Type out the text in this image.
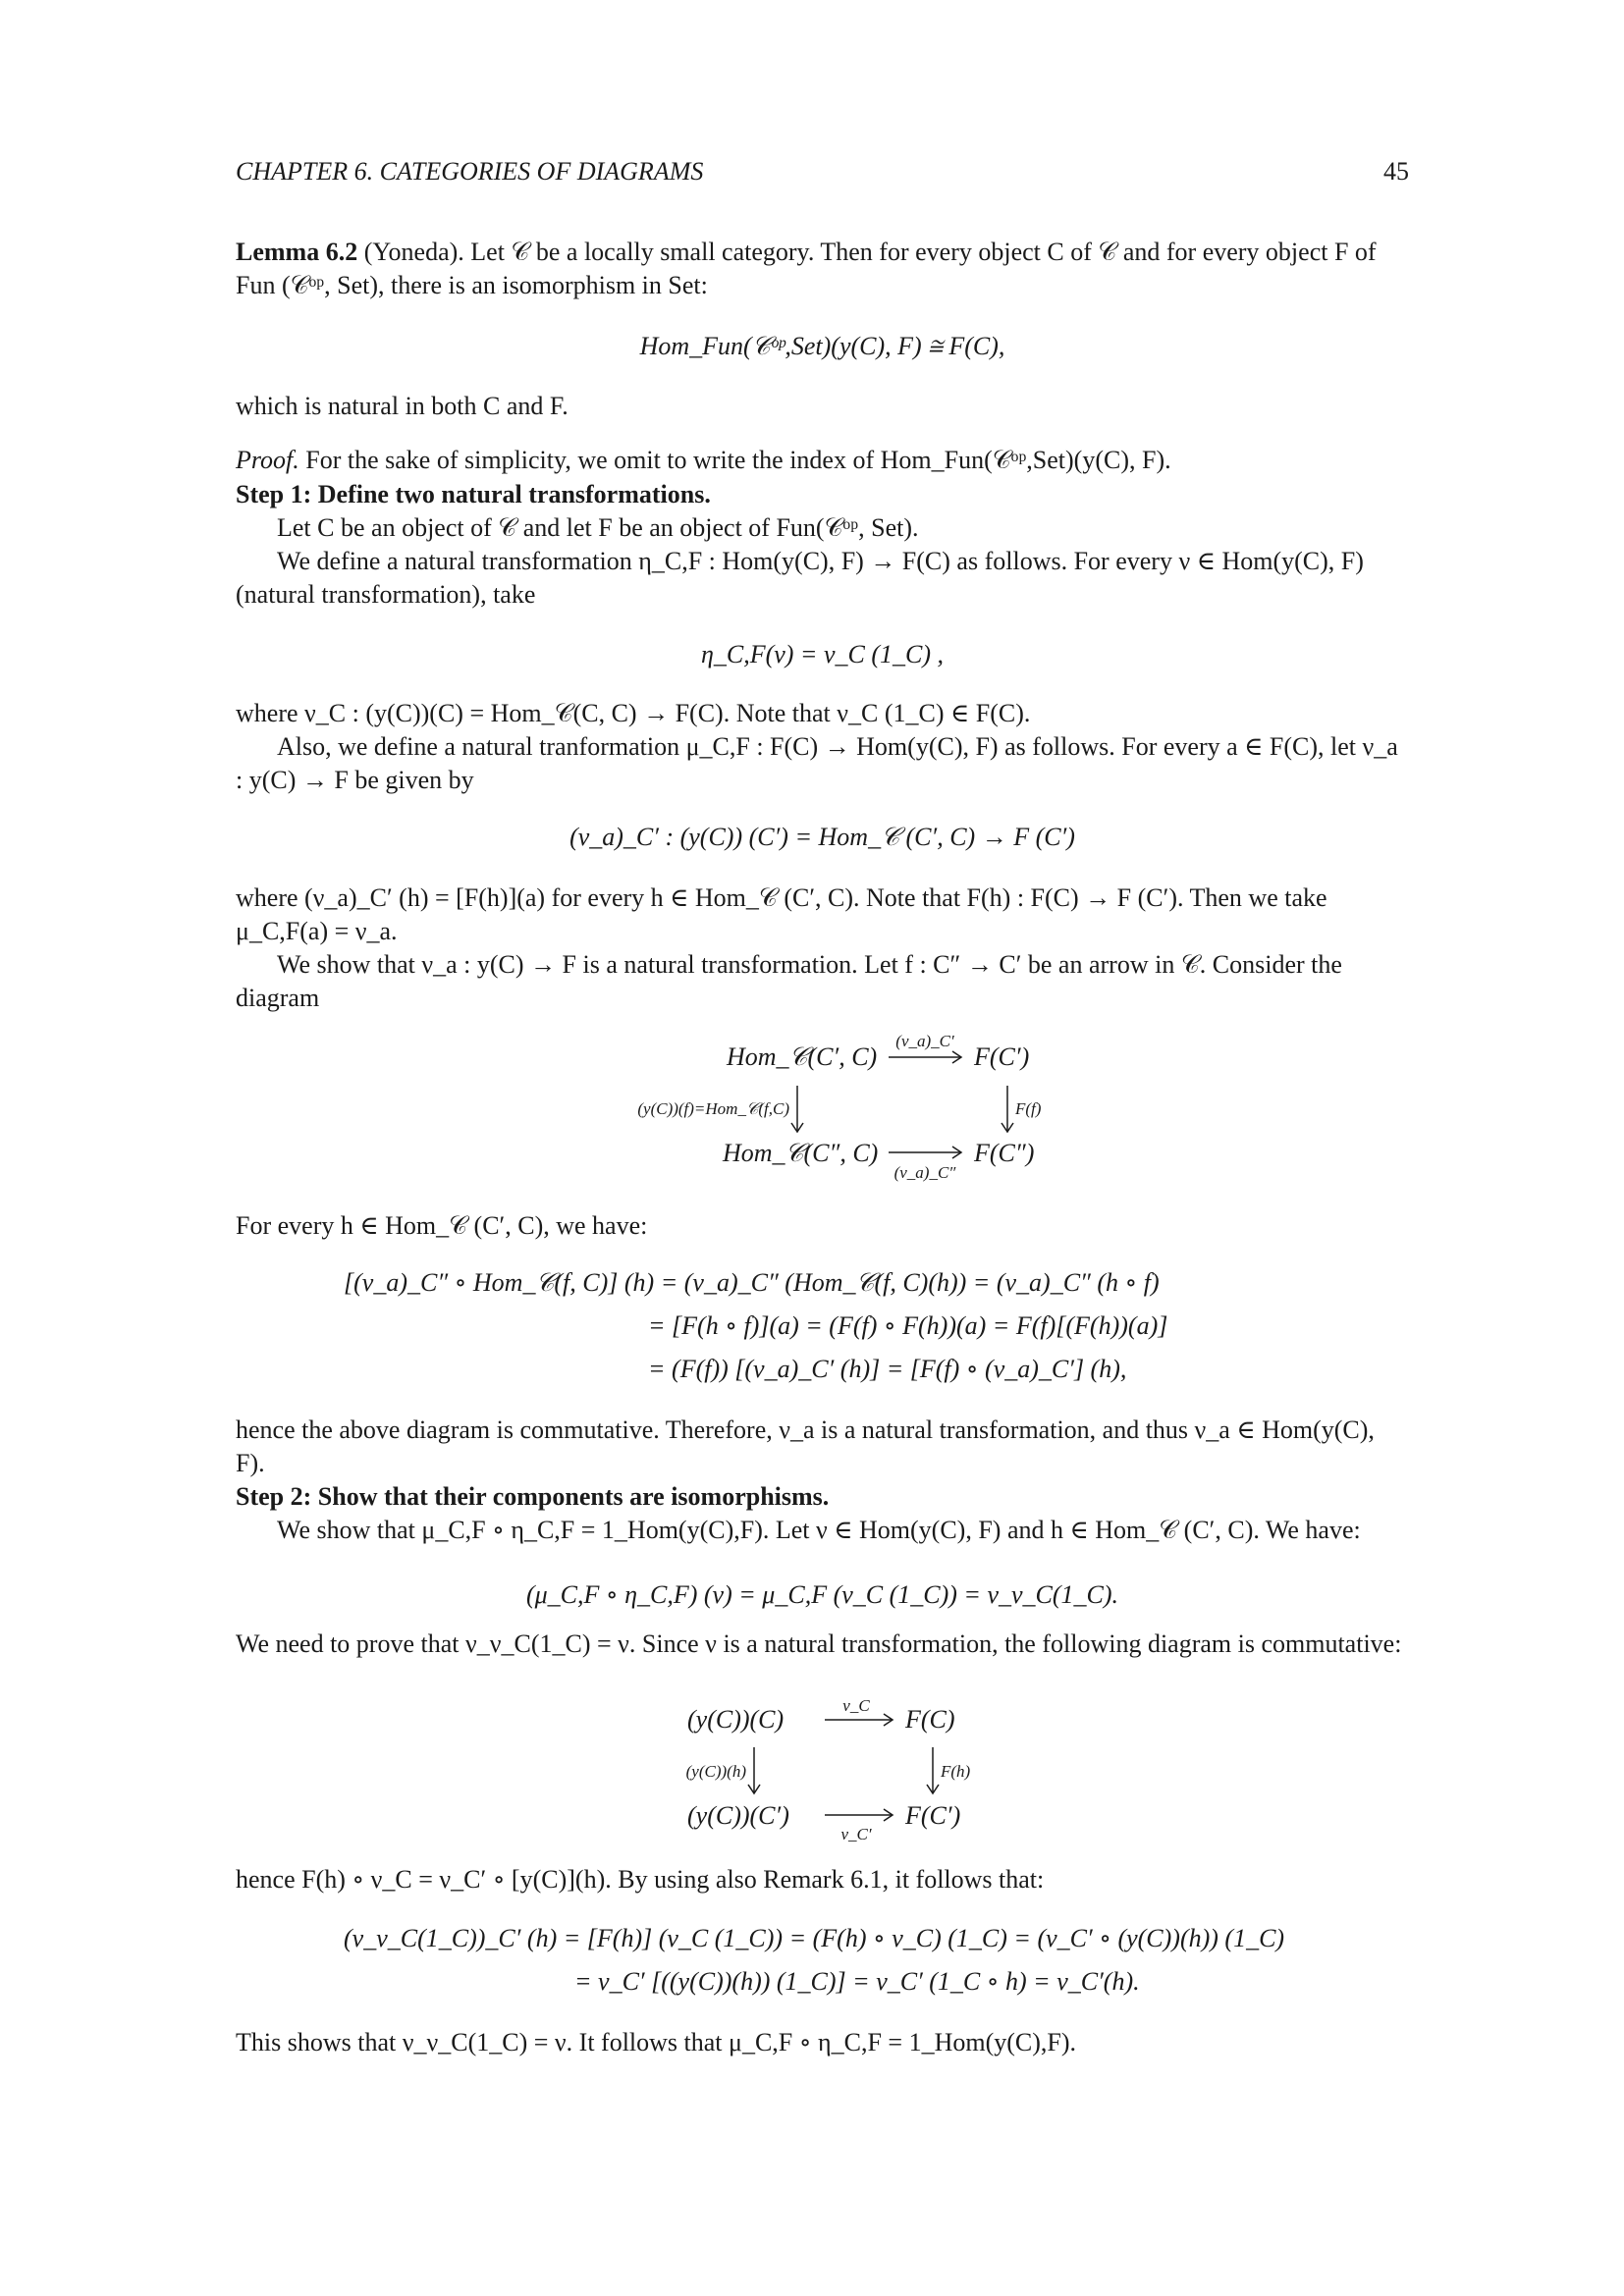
CHAPTER 6. CATEGORIES OF DIAGRAMS	45

Lemma 6.2 (Yoneda). Let 𝒞 be a locally small category. Then for every object C of 𝒞 and for every object F of Fun (𝒞ᵒᵖ, Set), there is an isomorphism in Set:

Hom_Fun(𝒞ᵒᵖ,Set)(y(C), F) ≅ F(C),

which is natural in both C and F.

Proof. For the sake of simplicity, we omit to write the index of Hom_Fun(𝒞ᵒᵖ,Set)(y(C), F).

Step 1: Define two natural transformations.

Let C be an object of 𝒞 and let F be an object of Fun(𝒞ᵒᵖ, Set).

We define a natural transformation η_C,F : Hom(y(C), F) → F(C) as follows. For every ν ∈ Hom(y(C), F) (natural transformation), take

η_C,F(ν) = ν_C (1_C) ,

where ν_C : (y(C))(C) = Hom_𝒞(C, C) → F(C). Note that ν_C (1_C) ∈ F(C).

Also, we define a natural tranformation μ_C,F : F(C) → Hom(y(C), F) as follows. For every a ∈ F(C), let ν_a : y(C) → F be given by

(ν_a)_C′ : (y(C)) (C′) = Hom_𝒞 (C′, C) → F (C′)

where (ν_a)_C′ (h) = [F(h)](a) for every h ∈ Hom_𝒞 (C′, C). Note that F(h) : F(C) → F (C′). Then we take μ_C,F(a) = ν_a.

We show that ν_a : y(C) → F is a natural transformation. Let f : C″ → C′ be an arrow in 𝒞. Consider the diagram

Hom_𝒞(C′, C)	F(C′)
Hom_𝒞(C″, C)	F(C″)
(ν_a)_C′
(ν_a)_C″
(y(C))(f)=Hom_𝒞(f,C)	F(f)

For every h ∈ Hom_𝒞 (C′, C), we have:

[(ν_a)_C″ ∘ Hom_𝒞(f, C)] (h) = (ν_a)_C″ (Hom_𝒞(f, C)(h)) = (ν_a)_C″ (h ∘ f)
= [F(h ∘ f)](a) = (F(f) ∘ F(h))(a) = F(f)[(F(h))(a)]
= (F(f)) [(ν_a)_C′ (h)] = [F(f) ∘ (ν_a)_C′] (h),

hence the above diagram is commutative. Therefore, ν_a is a natural transformation, and thus ν_a ∈ Hom(y(C), F).

Step 2: Show that their components are isomorphisms.

We show that μ_C,F ∘ η_C,F = 1_Hom(y(C),F). Let ν ∈ Hom(y(C), F) and h ∈ Hom_𝒞 (C′, C). We have:

(μ_C,F ∘ η_C,F) (ν) = μ_C,F (ν_C (1_C)) = ν_ν_C(1_C).

We need to prove that ν_ν_C(1_C) = ν. Since ν is a natural transformation, the following diagram is commutative:

(y(C))(C)	F(C)
(y(C))(C′)	F(C′)
ν_C
ν_C′
(y(C))(h)	F(h)

hence F(h) ∘ ν_C = ν_C′ ∘ [y(C)](h). By using also Remark 6.1, it follows that:

(ν_ν_C(1_C))_C′ (h) = [F(h)] (ν_C (1_C)) = (F(h) ∘ ν_C) (1_C) = (ν_C′ ∘ (y(C))(h)) (1_C)
= ν_C′ [((y(C))(h)) (1_C)] = ν_C′ (1_C ∘ h) = ν_C′(h).

This shows that ν_ν_C(1_C) = ν. It follows that μ_C,F ∘ η_C,F = 1_Hom(y(C),F).
